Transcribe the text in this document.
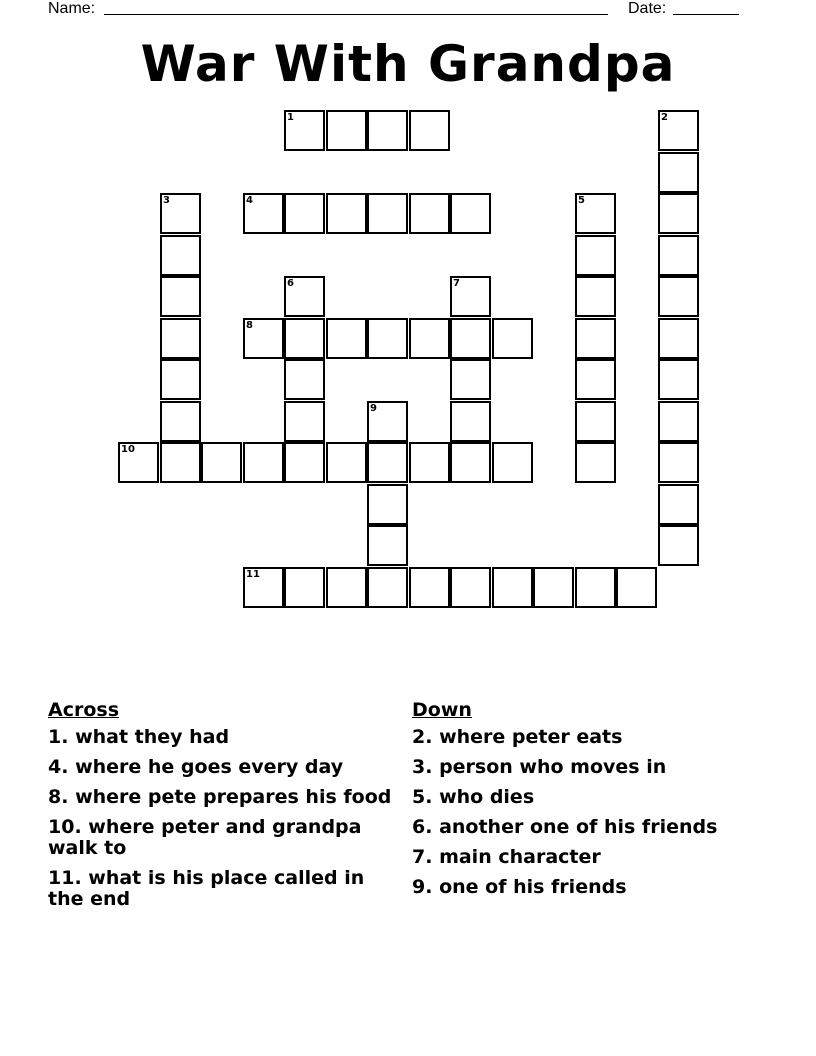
Name:	Date:
War With Grandpa
1	2
3	4	5
6	7
8
9
10
11
Across
1. what they had
4. where he goes every day
8. where pete prepares his food
10. where peter and grandpa walk to
11. what is his place called in the end
Down
2. where peter eats
3. person who moves in
5. who dies
6. another one of his friends
7. main character
9. one of his friends
